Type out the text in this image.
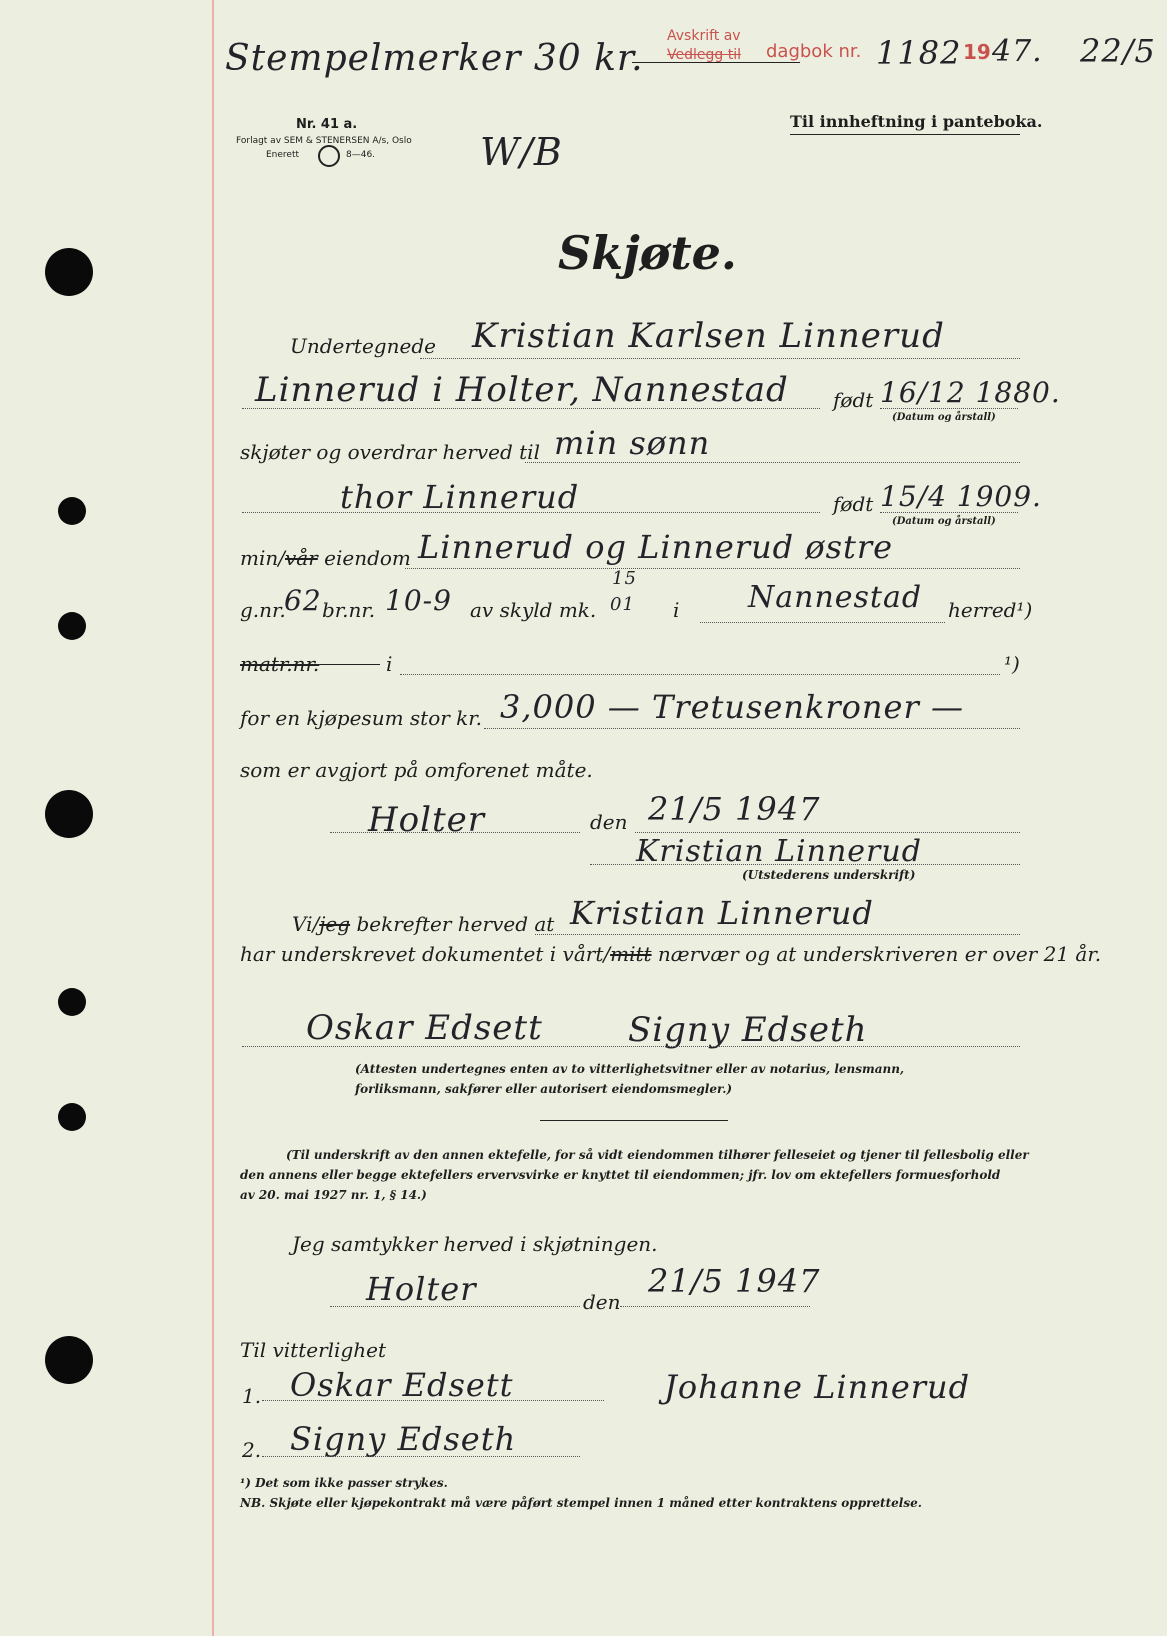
Stempelmerker 30 kr.
Avskrift av
Vedlegg til dagbok nr. 1182 19 47. 22/5
Nr. 41 a.
Forlagt av SEM & STENERSEN A/s, Oslo
Enerett	8—46.
Til innheftning i panteboka.
W/B
Skjøte.
Undertegnede Kristian Karlsen Linnerud
Linnerud i Holter, Nannestad født 16/12 1880.
(Datum og årstall)
skjøter og overdrar herved til min sønn
thor Linnerud	født 15/4 1909.
(Datum og årstall)
min/vår eiendom Linnerud og Linnerud østre
g.nr.
62 br.nr. 10-9 av skyld mk.
15
01 i Nannestad herred¹)
matr.nr.	i	¹)
for en kjøpesum stor kr. 3,000 — Tretusenkroner —
som er avgjort på omforenet måte.
Holter	den 21/5 1947
Kristian Linnerud
(Utstederens underskrift)
Vi/jeg bekrefter herved at Kristian Linnerud
har underskrevet dokumentet i vårt/mitt nærvær og at underskriveren er over 21 år.
Oskar Edsett	Signy Edseth
(Attesten undertegnes enten av to vitterlighetsvitner eller av notarius, lensmann,
forliksmann, sakfører eller autorisert eiendomsmegler.)
(Til underskrift av den annen ektefelle, for så vidt eiendommen tilhører felleseiet og tjener til fellesbolig eller
den annens eller begge ektefellers ervervsvirke er knyttet til eiendommen; jfr. lov om ektefellers formuesforhold
av 20. mai 1927 nr. 1, § 14.)
Jeg samtykker herved i skjøtningen.
Holter	den
21/5 1947
Til vitterlighet
1. Oskar Edsett	Johanne Linnerud
2. Signy Edseth
¹) Det som ikke passer strykes.
NB. Skjøte eller kjøpekontrakt må være påført stempel innen 1 måned etter kontraktens opprettelse.
